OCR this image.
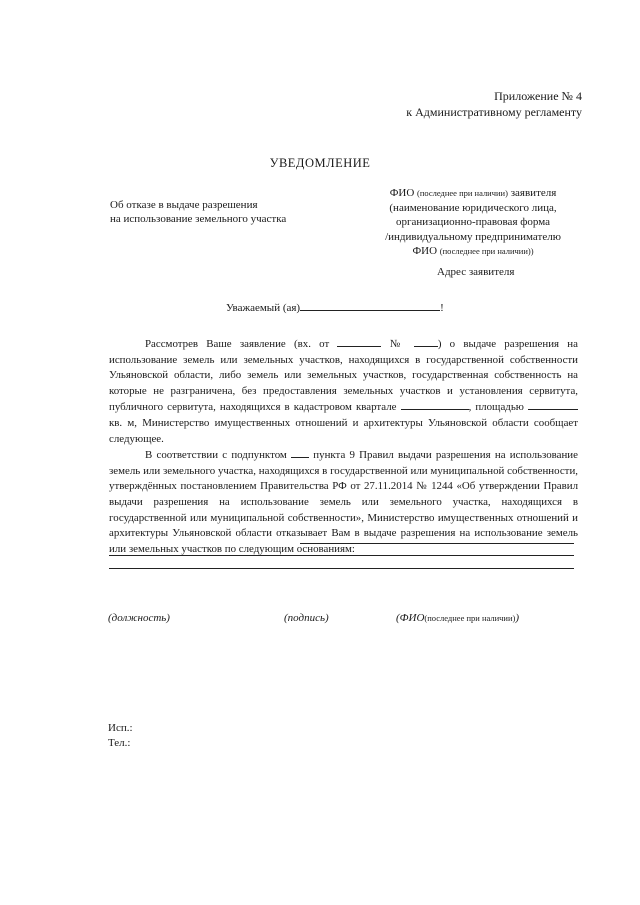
Приложение № 4
к Административному регламенту
УВЕДОМЛЕНИЕ
Об отказе в выдаче разрешения
на использование земельного участка
ФИО (последнее при наличии) заявителя
(наименование юридического лица,
организационно-правовая форма
/индивидуальному предпринимателю
ФИО (последнее при наличии))
Адрес заявителя
Уважаемый (ая)	!

Рассмотрев Ваше заявление (вх. от	№	) о выдаче разрешения на использование земель или земельных участков, находящихся в государственной собственности Ульяновской области, либо земель или земельных участков, государственная собственность на которые не разграничена, без предоставления земельных участков и установления сервитута, публичного сервитута, находящихся в кадастровом квартале	, площадью  кв. м, Министерство имущественных отношений и архитектуры Ульяновской области сообщает следующее.

В соответствии с подпунктом пункта 9 Правил выдачи разрешения на использование земель или земельного участка, находящихся в государственной или муниципальной собственности, утверждённых постановлением Правительства РФ от 27.11.2014 № 1244 «Об утверждении Правил выдачи разрешения на использование земель или земельного участка, находящихся в государственной или муниципальной собственности», Министерство имущественных отношений и архитектуры Ульяновской области отказывает Вам в выдаче разрешения на использование земель или земельных участков по следующим основаниям:

(должность)	(подпись)	(ФИО(последнее при наличии))
Исп.:
Тел.:
